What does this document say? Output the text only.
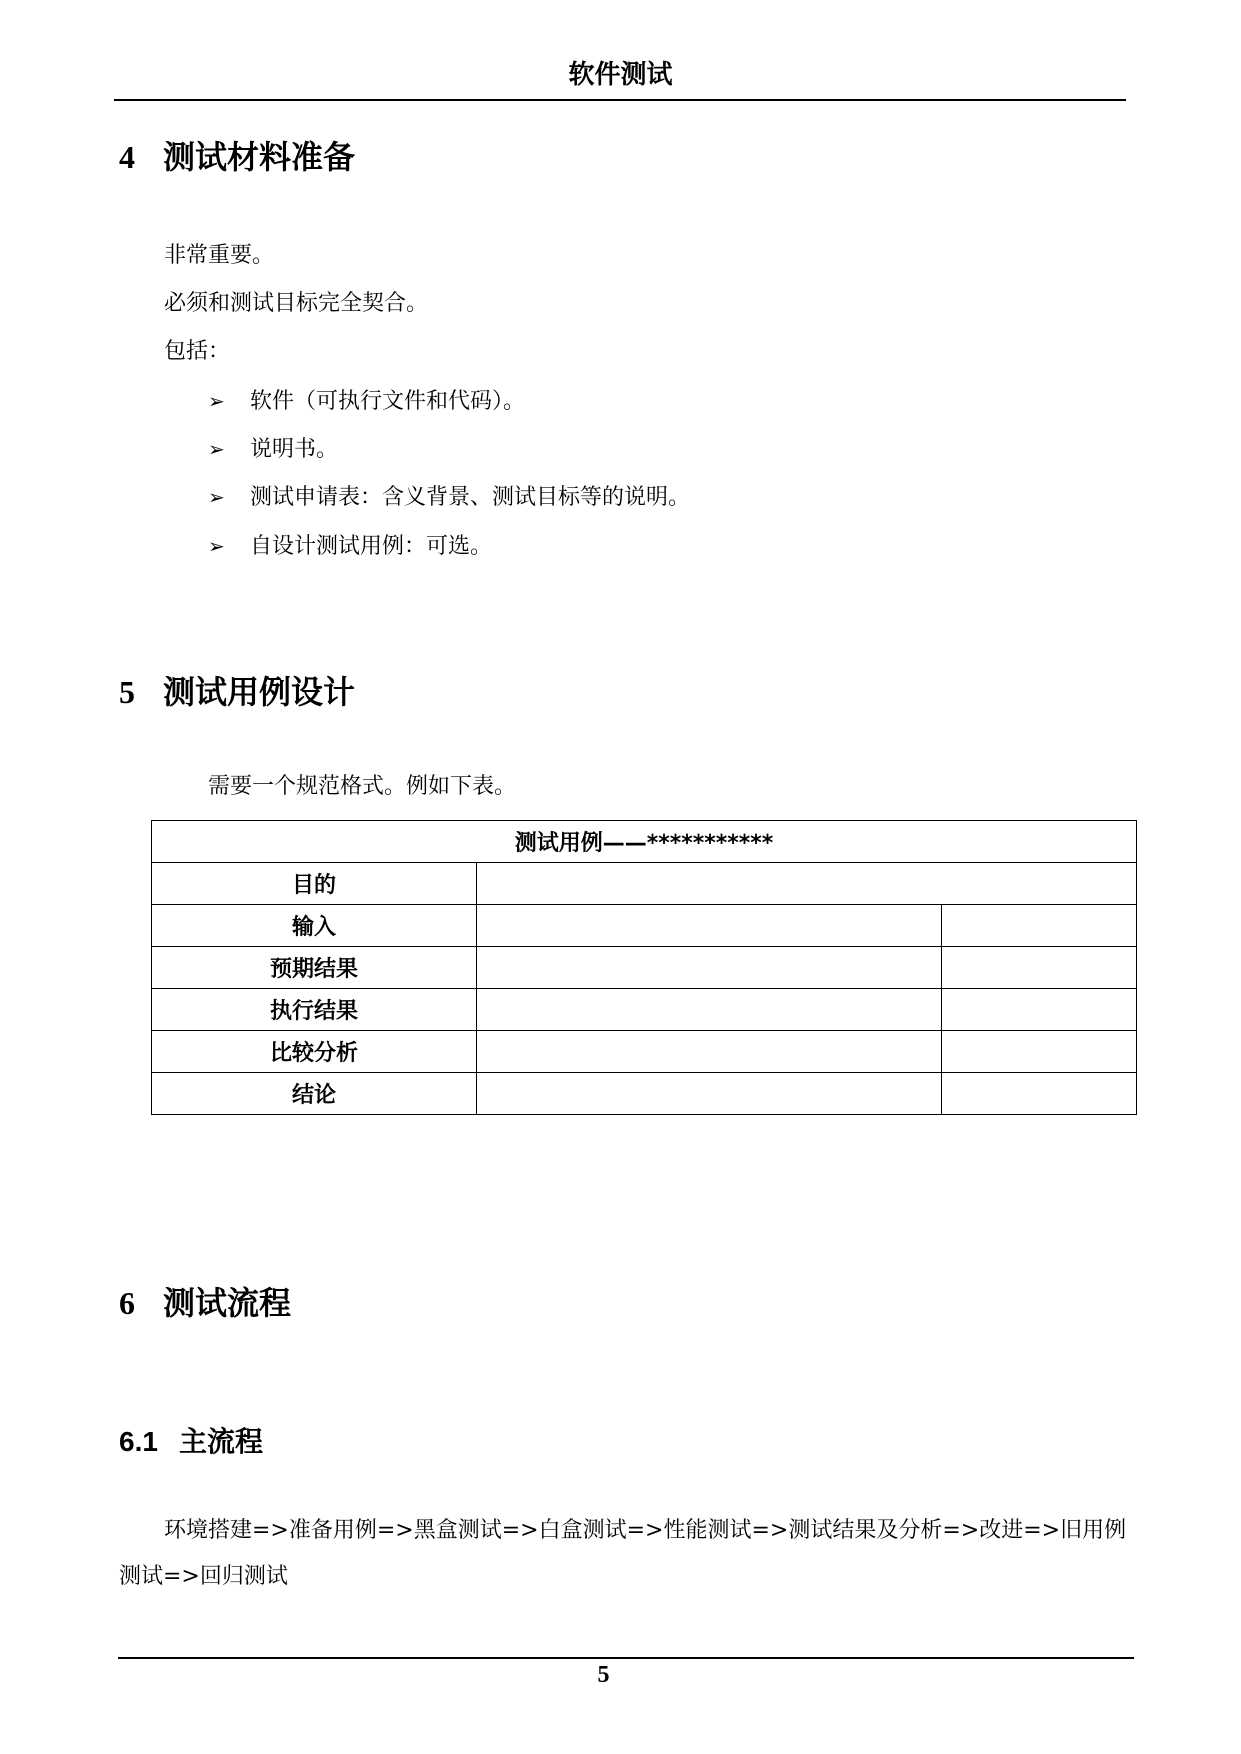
软件测试
4 测试材料准备
非常重要。
必须和测试目标完全契合。
包括：
➢ 软件（可执行文件和代码）。
➢ 说明书。
➢ 测试申请表：含义背景、测试目标等的说明。
➢ 自设计测试用例：可选。
5 测试用例设计
需要一个规范格式。例如下表。
测试用例——***********		
目的		
输入		
预期结果		
执行结果		
比较分析		
结论		
6 测试流程
6.1 主流程
环境搭建=>准备用例=>黑盒测试=>白盒测试=>性能测试=>测试结果及分析=>改进=>旧用例测试=>回归测试
5
